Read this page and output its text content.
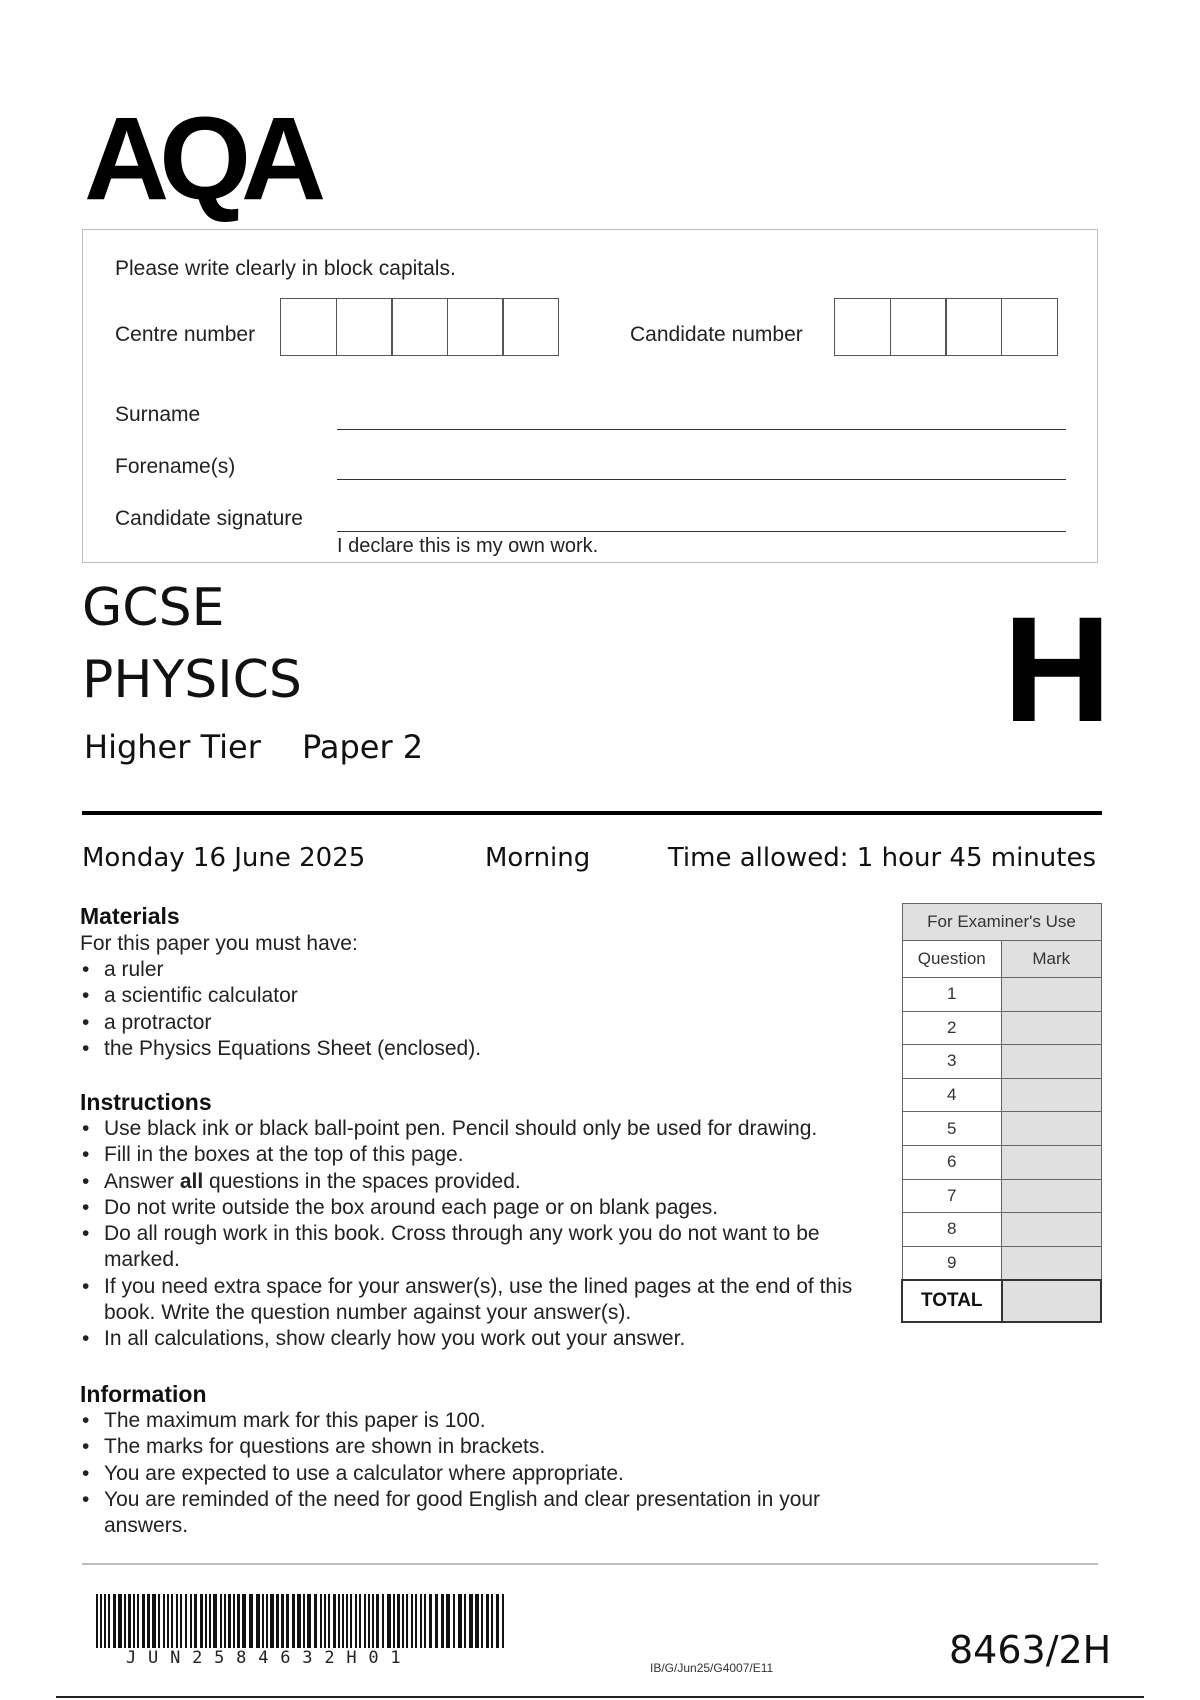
AQA
Please write clearly in block capitals.
Centre number	Candidate number
Surname
Forename(s)
Candidate signature
I declare this is my own work.
GCSE
PHYSICS
Higher Tier Paper 2	H
Monday 16 June 2025	Morning	Time allowed: 1 hour 45 minutes
Materials
For this paper you must have:
• a ruler
• a scientific calculator
• a protractor
• the Physics Equations Sheet (enclosed).
Instructions
• Use black ink or black ball-point pen. Pencil should only be used for drawing.
• Fill in the boxes at the top of this page.
• Answer all questions in the spaces provided.
• Do not write outside the box around each page or on blank pages.
• Do all rough work in this book. Cross through any work you do not want to be marked.
• If you need extra space for your answer(s), use the lined pages at the end of this book. Write the question number against your answer(s).
• In all calculations, show clearly how you work out your answer.
Information
• The maximum mark for this paper is 100.
• The marks for questions are shown in brackets.
• You are expected to use a calculator where appropriate.
• You are reminded of the need for good English and clear presentation in your answers.
For Examiner's Use	
Question	Mark
1	
2	
3	
4	
5	
6	
7	
8	
9	
TOTAL	
JUN2584632H01	IB/G/Jun25/G4007/E11	8463/2H
